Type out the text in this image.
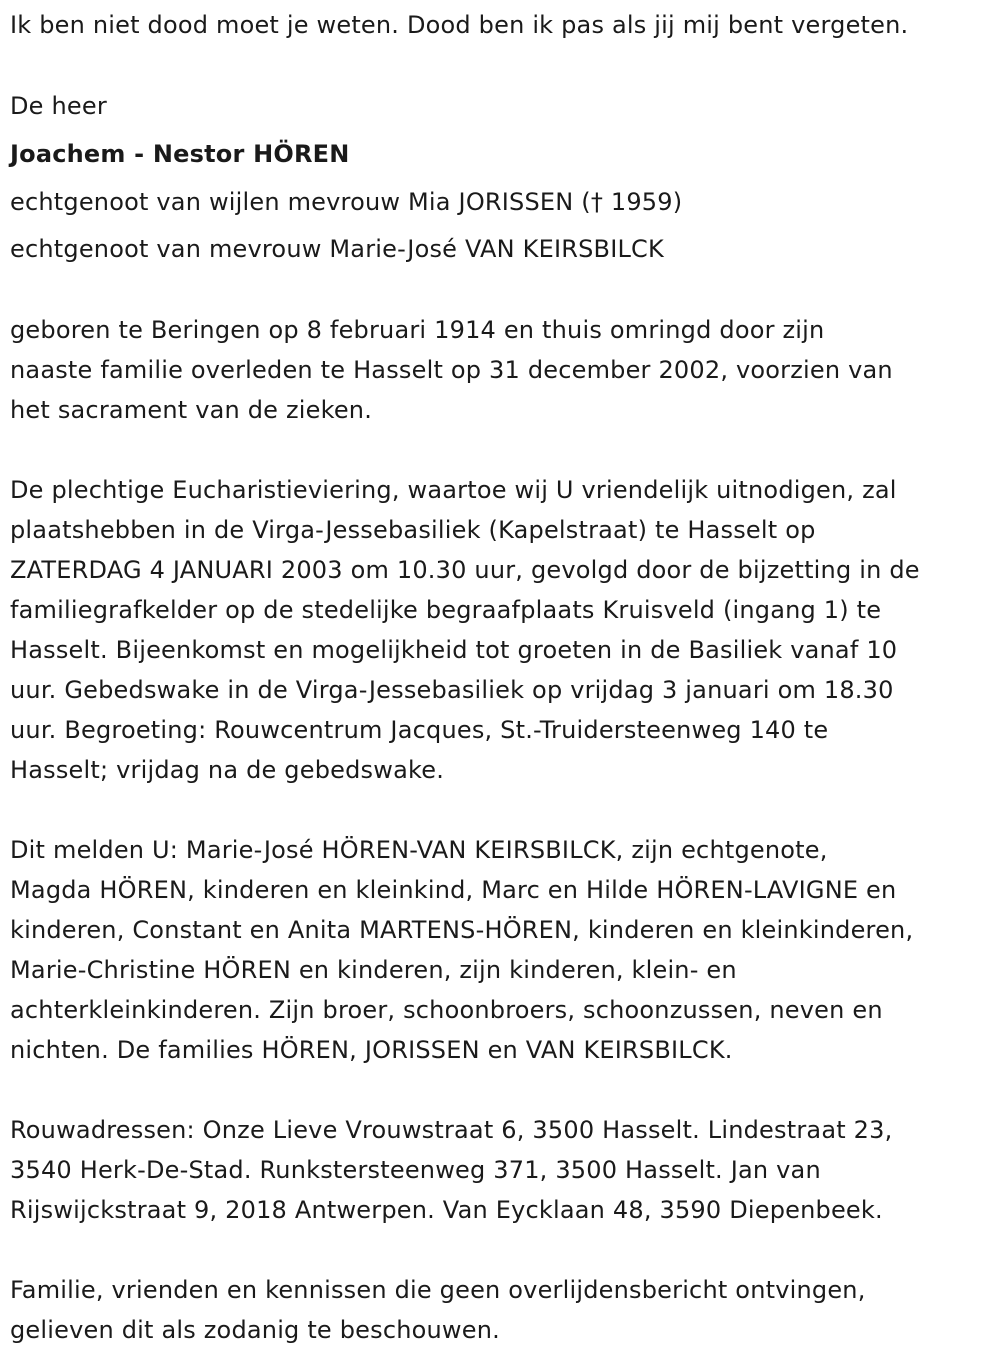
Ik ben niet dood moet je weten. Dood ben ik pas als jij mij bent vergeten.
De heer
Joachem - Nestor HÖREN
echtgenoot van wijlen mevrouw Mia JORISSEN († 1959)
echtgenoot van mevrouw Marie-José VAN KEIRSBILCK
geboren te Beringen op 8 februari 1914 en thuis omringd door zijn
naaste familie overleden te Hasselt op 31 december 2002, voorzien van
het sacrament van de zieken.
De plechtige Eucharistieviering, waartoe wij U vriendelijk uitnodigen, zal
plaatshebben in de Virga-Jessebasiliek (Kapelstraat) te Hasselt op
ZATERDAG 4 JANUARI 2003 om 10.30 uur, gevolgd door de bijzetting in de
familiegrafkelder op de stedelijke begraafplaats Kruisveld (ingang 1) te
Hasselt. Bijeenkomst en mogelijkheid tot groeten in de Basiliek vanaf 10
uur. Gebedswake in de Virga-Jessebasiliek op vrijdag 3 januari om 18.30
uur. Begroeting: Rouwcentrum Jacques, St.-Truidersteenweg 140 te
Hasselt; vrijdag na de gebedswake.
Dit melden U: Marie-José HÖREN-VAN KEIRSBILCK, zijn echtgenote,
Magda HÖREN, kinderen en kleinkind, Marc en Hilde HÖREN-LAVIGNE en
kinderen, Constant en Anita MARTENS-HÖREN, kinderen en kleinkinderen,
Marie-Christine HÖREN en kinderen, zijn kinderen, klein- en
achterkleinkinderen. Zijn broer, schoonbroers, schoonzussen, neven en
nichten. De families HÖREN, JORISSEN en VAN KEIRSBILCK.
Rouwadressen: Onze Lieve Vrouwstraat 6, 3500 Hasselt. Lindestraat 23,
3540 Herk-De-Stad. Runkstersteenweg 371, 3500 Hasselt. Jan van
Rijswijckstraat 9, 2018 Antwerpen. Van Eycklaan 48, 3590 Diepenbeek.
Familie, vrienden en kennissen die geen overlijdensbericht ontvingen,
gelieven dit als zodanig te beschouwen.
